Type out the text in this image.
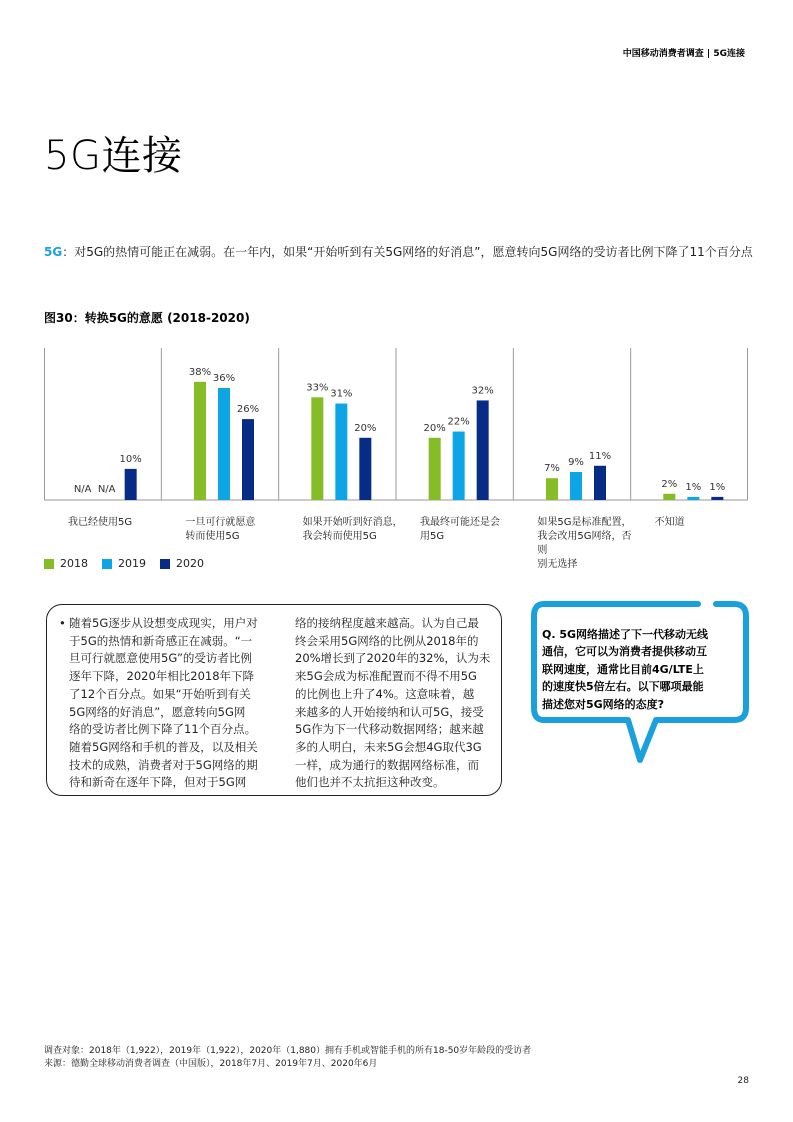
中国移动消费者调查 | 5G连接
5G连接
5G：对5G的热情可能正在减弱。在一年内，如果“开始听到有关5G网络的好消息”，愿意转向5G网络的受访者比例下降了11个百分点
图30：转换5G的意愿 (2018-2020)
N/A N/A
10%
38%
36%
26%
33%
31%
20%	20%
22%
32%
7%
9%
11%
2% 1% 1%
我已经使用5G	一旦可行就愿意
转而使用5G
如果开始听到好消息，
我会转而使用5G
我最终可能还是会
用5G
如果5G是标准配置，
我会改用5G网络，否则
别无选择
不知道
2018	2019	2020
• 随着5G逐步从设想变成现实，用户对
于5G的热情和新奇感正在减弱。“一
旦可行就愿意使用5G”的受访者比例
逐年下降，2020年相比2018年下降
了12个百分点。如果“开始听到有关
5G网络的好消息”，愿意转向5G网
络的受访者比例下降了11个百分点。
随着5G网络和手机的普及，以及相关
技术的成熟，消费者对于5G网络的期
待和新奇在逐年下降，但对于5G网
络的接纳程度越来越高。认为自己最
终会采用5G网络的比例从2018年的
20%增长到了2020年的32%，认为未
来5G会成为标准配置而不得不用5G
的比例也上升了4%。这意味着，越
来越多的人开始接纳和认可5G，接受
5G作为下一代移动数据网络；越来越
多的人明白，未来5G会想4G取代3G
一样，成为通行的数据网络标准，而
他们也并不太抗拒这种改变。
Q. 5G网络描述了下一代移动无线
通信，它可以为消费者提供移动互
联网速度，通常比目前4G/LTE上
的速度快5倍左右。以下哪项最能
描述您对5G网络的态度?
调查对象：2018年（1,922），2019年（1,922），2020年（1,880）拥有手机或智能手机的所有18-50岁年龄段的受访者
来源：德勤全球移动消费者调查（中国版），2018年7月、2019年7月、2020年6月
28
